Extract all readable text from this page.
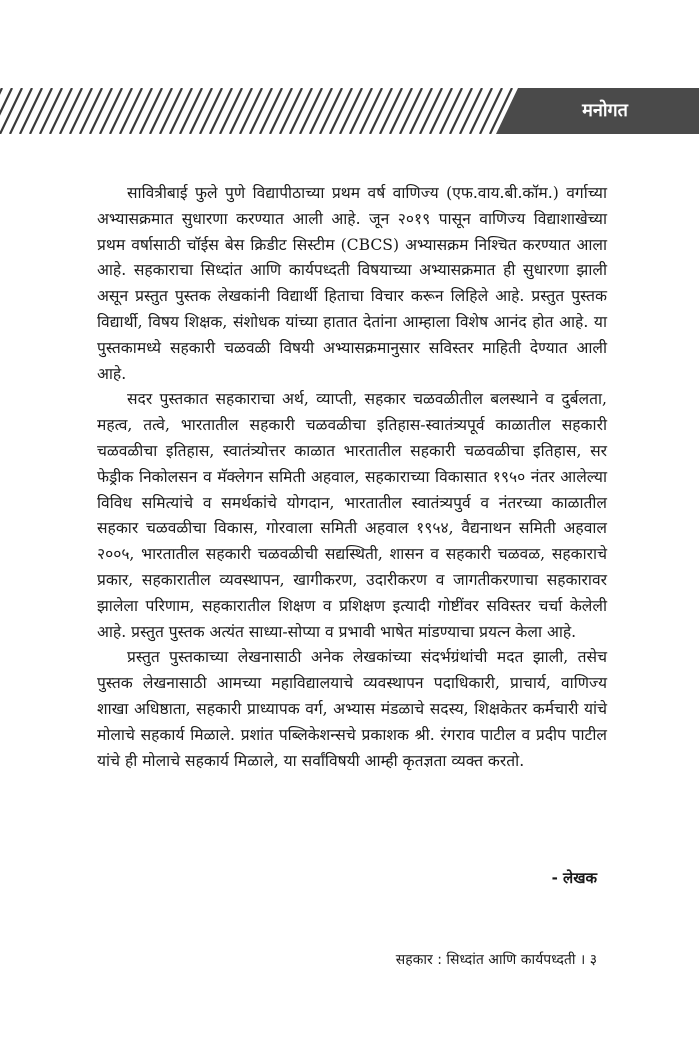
मनोगत

सावित्रीबाई फुले पुणे विद्यापीठाच्या प्रथम वर्ष वाणिज्य (एफ.वाय.बी.कॉम.) वर्गाच्या अभ्यासक्रमात सुधारणा करण्यात आली आहे. जून २०१९ पासून वाणिज्य विद्याशाखेच्या प्रथम वर्षासाठी चॉईस बेस क्रिडीट सिस्टीम (CBCS) अभ्यासक्रम निश्चित करण्यात आला आहे. सहकाराचा सिध्दांत आणि कार्यपध्दती विषयाच्या अभ्यासक्रमात ही सुधारणा झाली असून प्रस्तुत पुस्तक लेखकांनी विद्यार्थी हिताचा विचार करून लिहिले आहे. प्रस्तुत पुस्तक विद्यार्थी, विषय शिक्षक, संशोधक यांच्या हातात देतांना आम्हाला विशेष आनंद होत आहे. या पुस्तकामध्ये सहकारी चळवळी विषयी अभ्यासक्रमानुसार सविस्तर माहिती देण्यात आली आहे.

सदर पुस्तकात सहकाराचा अर्थ, व्याप्ती, सहकार चळवळीतील बलस्थाने व दुर्बलता, महत्व, तत्वे, भारतातील सहकारी चळवळीचा इतिहास-स्वातंत्र्यपूर्व काळातील सहकारी चळवळीचा इतिहास, स्वातंत्र्योत्तर काळात भारतातील सहकारी चळवळीचा इतिहास, सर फेड्रीक निकोलसन व मॅक्लेगन समिती अहवाल, सहकाराच्या विकासात १९५० नंतर आलेल्या विविध समित्यांचे व समर्थकांचे योगदान, भारतातील स्वातंत्र्यपुर्व व नंतरच्या काळातील सहकार चळवळीचा विकास, गोरवाला समिती अहवाल १९५४, वैद्यनाथन समिती अहवाल २००५, भारतातील सहकारी चळवळीची सद्यस्थिती, शासन व सहकारी चळवळ, सहकाराचे प्रकार, सहकारातील व्यवस्थापन, खागीकरण, उदारीकरण व जागतीकरणाचा सहकारावर झालेला परिणाम, सहकारातील शिक्षण व प्रशिक्षण इत्यादी गोष्टींवर सविस्तर चर्चा केलेली आहे. प्रस्तुत पुस्तक अत्यंत साध्या-सोप्या व प्रभावी भाषेत मांडण्याचा प्रयत्न केला आहे.

प्रस्तुत पुस्तकाच्या लेखनासाठी अनेक लेखकांच्या संदर्भग्रंथांची मदत झाली, तसेच पुस्तक लेखनासाठी आमच्या महाविद्यालयाचे व्यवस्थापन पदाधिकारी, प्राचार्य, वाणिज्य शाखा अधिष्ठाता, सहकारी प्राध्यापक वर्ग, अभ्यास मंडळाचे सदस्य, शिक्षकेतर कर्मचारी यांचे मोलाचे सहकार्य मिळाले. प्रशांत पब्लिकेशन्सचे प्रकाशक श्री. रंगराव पाटील व प्रदीप पाटील यांचे ही मोलाचे सहकार्य मिळाले, या सर्वांविषयी आम्ही कृतज्ञता व्यक्त करतो.

- लेखक
सहकार : सिध्दांत आणि कार्यपध्दती । ३
